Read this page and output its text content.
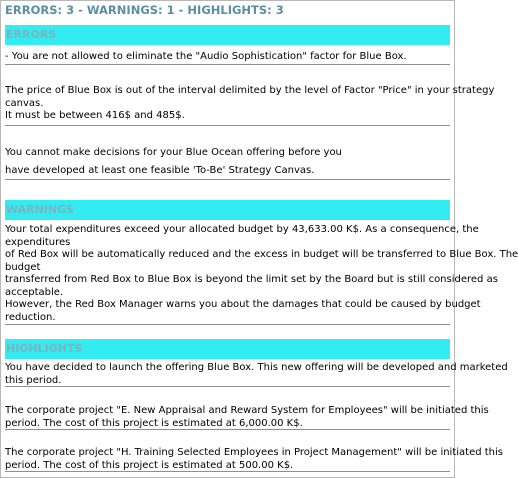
ERRORS: 3 - WARNINGS: 1 - HIGHLIGHTS: 3
ERRORS
- You are not allowed to eliminate the "Audio Sophistication" factor for Blue Box.
The price of Blue Box is out of the interval delimited by the level of Factor "Price" in your strategy
canvas.
It must be between 416$ and 485$.
You cannot make decisions for your Blue Ocean offering before you
have developed at least one feasible 'To-Be' Strategy Canvas.
WARNINGS
Your total expenditures exceed your allocated budget by 43,633.00 K$. As a consequence, the
expenditures
of Red Box will be automatically reduced and the excess in budget will be transferred to Blue Box. The
budget
transferred from Red Box to Blue Box is beyond the limit set by the Board but is still considered as
acceptable.
However, the Red Box Manager warns you about the damages that could be caused by budget
reduction.
HIGHLIGHTS
You have decided to launch the offering Blue Box. This new offering will be developed and marketed
this period.
The corporate project "E. New Appraisal and Reward System for Employees" will be initiated this
period. The cost of this project is estimated at 6,000.00 K$.
The corporate project "H. Training Selected Employees in Project Management" will be initiated this
period. The cost of this project is estimated at 500.00 K$.
